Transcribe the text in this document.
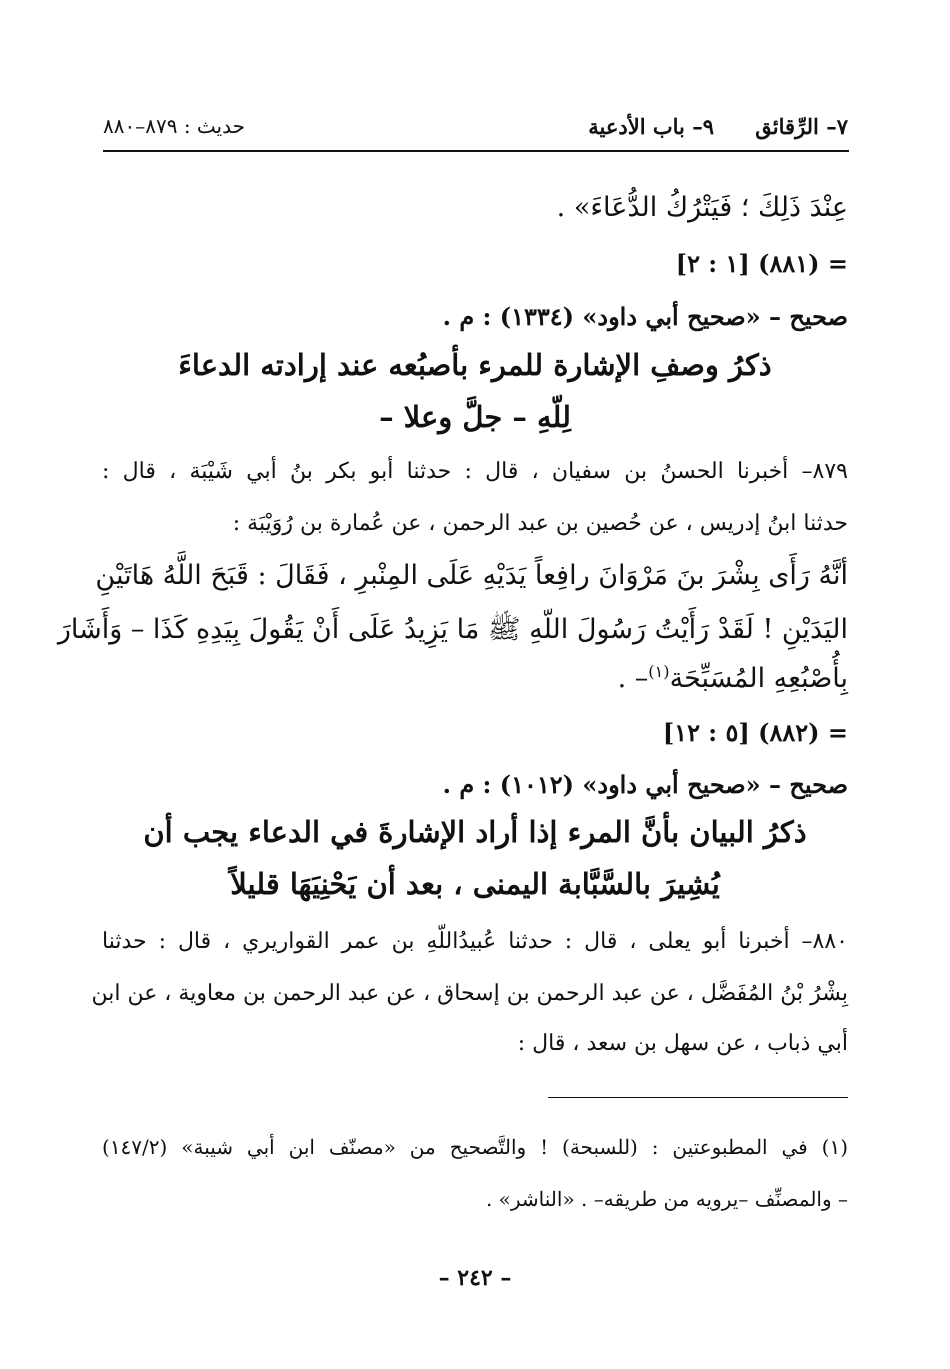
٧– الرِّقائق
٩– باب الأدعية
حديث : ٨٧٩–٨٨٠
عِنْدَ ذَلِكَ ؛ فَيَتْرُكُ الدُّعَاءَ» .
= (٨٨١) [١ : ٢]
صحيح – «صحيح أبي داود» (١٣٣٤) : م .
ذكرُ وصفِ الإشارة للمرء بأصبُعه عند إرادته الدعاءَ
لِلّهِ – جلَّ وعلا –
٨٧٩– أخبرنا الحسنُ بن سفيان ، قال : حدثنا أبو بكر بنُ أبي شَيْبَة ، قال :
حدثنا ابنُ إدريس ، عن حُصين بن عبد الرحمن ، عن عُمارة بن رُوَيْبَة :
أنَّهُ رَأَى بِشْرَ بنَ مَرْوَانَ رافِعاً يَدَيْهِ عَلَى المِنْبرِ ، فَقَالَ : قَبَحَ اللَّهُ هَاتَيْنِ
اليَدَيْنِ ! لَقَدْ رَأَيْتُ رَسُولَ اللّهِ ﷺ مَا يَزِيدُ عَلَى أَنْ يَقُولَ بِيَدِهِ كَذَا – وَأَشَارَ
بِأُصْبُعِهِ المُسَبِّحَة$^{(١)}$– .
= (٨٨٢) [٥ : ١٢]
صحيح – «صحيح أبي داود» (١٠١٢) : م .
ذكرُ البيان بأنَّ المرء إذا أراد الإشارةَ في الدعاء يجب أن
يُشِيرَ بالسَّبَّابة اليمنى ، بعد أن يَحْنِيَهَا قليلاً
٨٨٠– أخبرنا أبو يعلى ، قال : حدثنا عُبيدُاللّهِ بن عمر القواريري ، قال : حدثنا
بِشْرُ بْنُ المُفَضَّل ، عن عبد الرحمن بن إسحاق ، عن عبد الرحمن بن معاوية ، عن ابن
أبي ذباب ، عن سهل بن سعد ، قال :
(١) في المطبوعتين : (للسبحة) ! والتَّصحيح من «مصنّف ابن أبي شيبة» (١٤٧/٢)
– والمصنِّف –يرويه من طريقه– . «الناشر» .
– ٢٤٢ –
